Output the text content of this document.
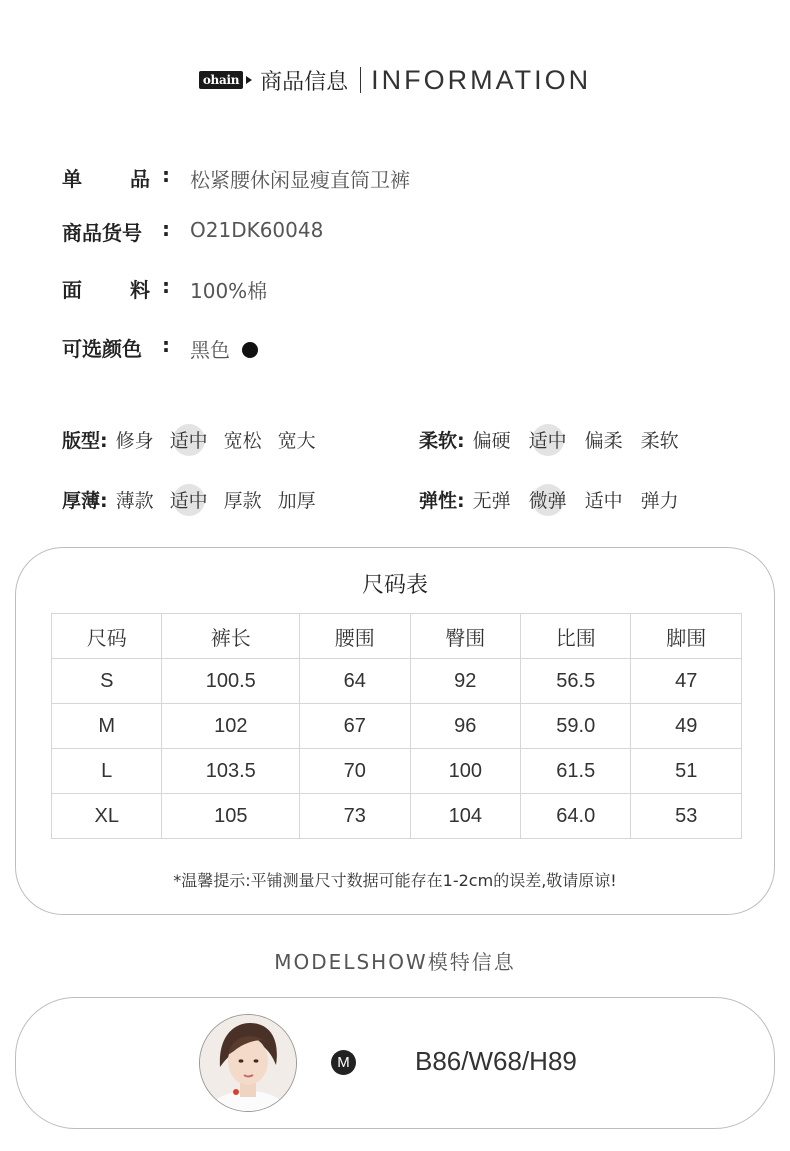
ohain 商品信息 INFORMATION
单 品 : 松紧腰休闲显瘦直筒卫裤
商品货号 : O21DK60048
面 料 : 100%棉
可选颜色 : 黑色
版型: 修身 适中 宽松 宽大	柔软: 偏硬 适中 偏柔 柔软
厚薄: 薄款 适中 厚款 加厚	弹性: 无弹 微弹 适中 弹力
尺码表
尺码	裤长	腰围	臀围	比围	脚围
S	100.5	64	92	56.5	47
M	102	67	96	59.0	49
L	103.5	70	100	61.5	51
XL	105	73	104	64.0	53
*温馨提示:平铺测量尺寸数据可能存在1-2cm的误差,敬请原谅!
MODELSHOW模特信息
M	B86/W68/H89
